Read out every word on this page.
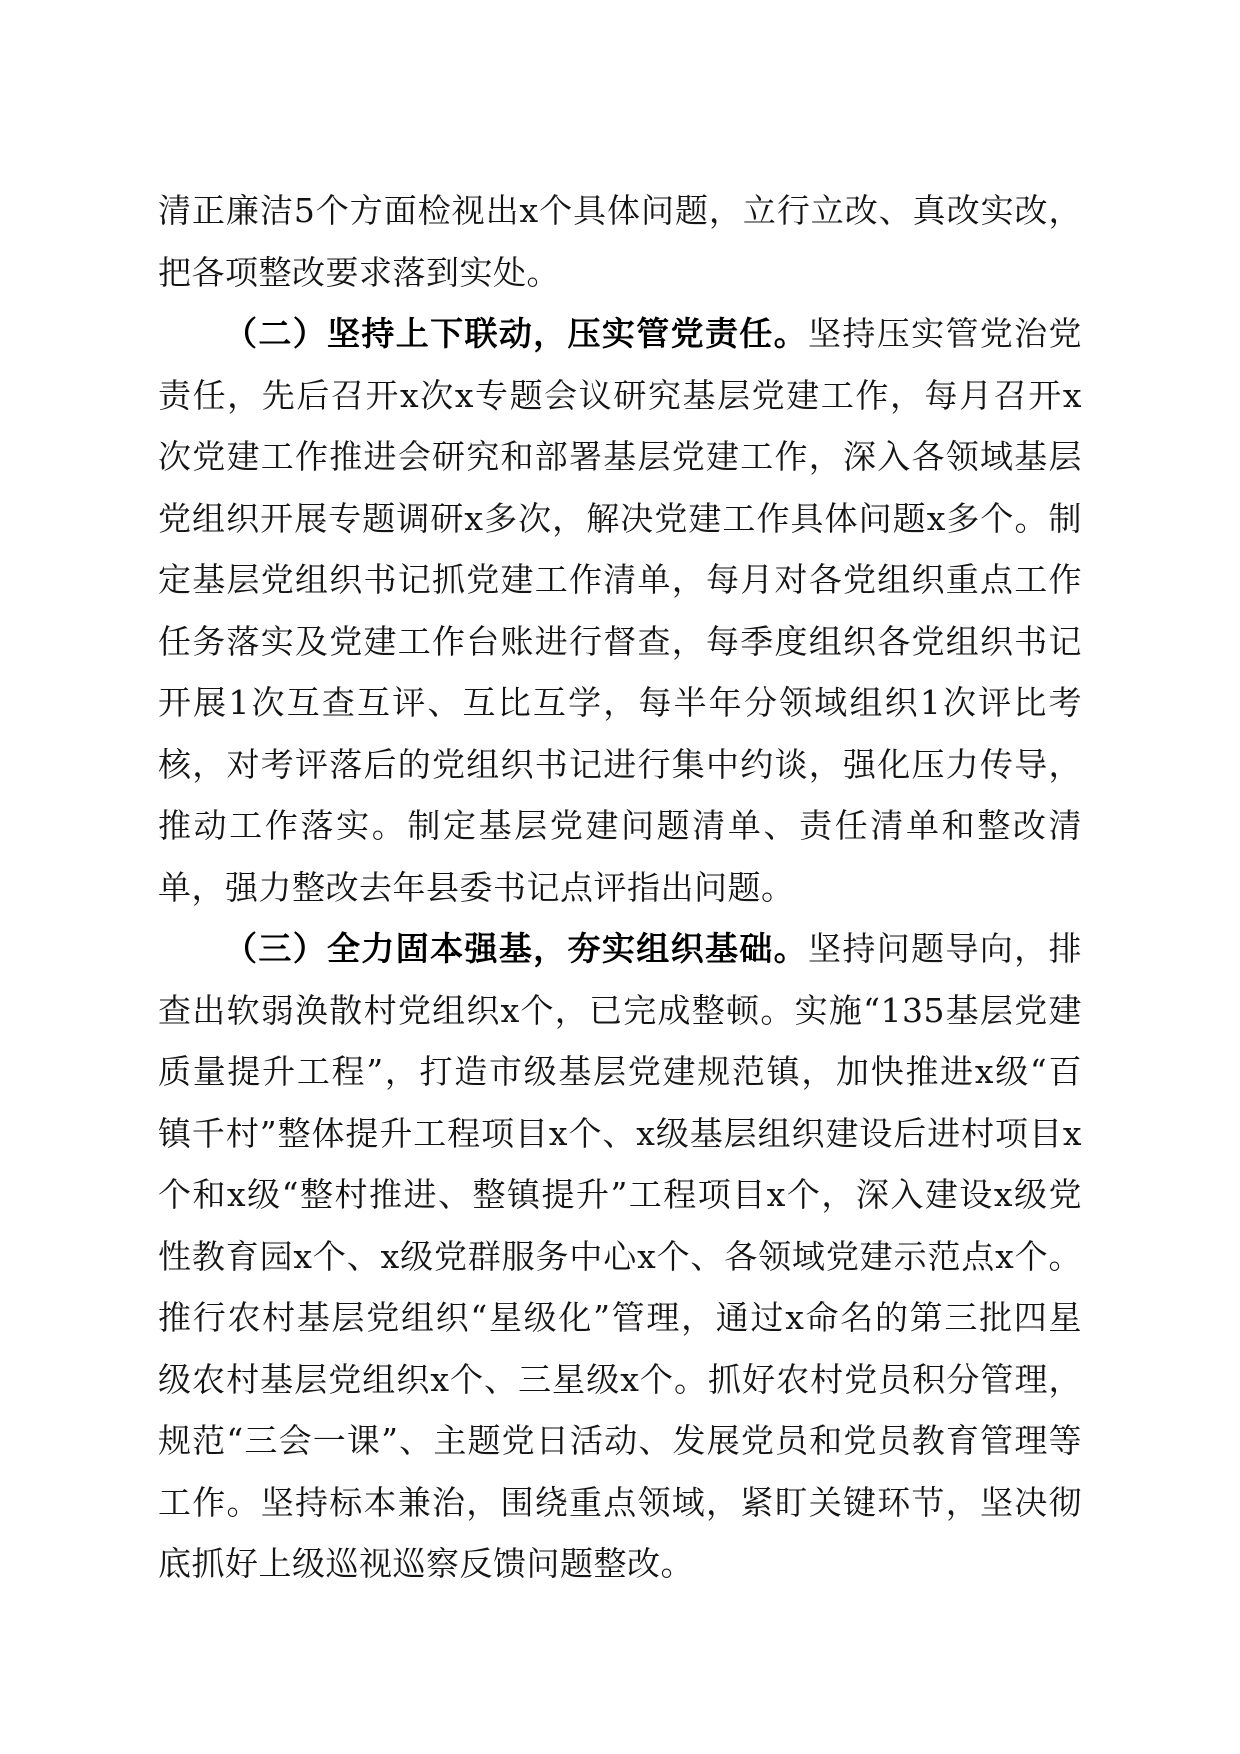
清正廉洁5个方面检视出x个具体问题，立行立改、真改实改，把各项整改要求落到实处。

（二）坚持上下联动，压实管党责任。坚持压实管党治党责任，先后召开x次x专题会议研究基层党建工作，每月召开x次党建工作推进会研究和部署基层党建工作，深入各领域基层党组织开展专题调研x多次，解决党建工作具体问题x多个。制定基层党组织书记抓党建工作清单，每月对各党组织重点工作任务落实及党建工作台账进行督查，每季度组织各党组织书记开展1次互查互评、互比互学，每半年分领域组织1次评比考核，对考评落后的党组织书记进行集中约谈，强化压力传导，推动工作落实。制定基层党建问题清单、责任清单和整改清单，强力整改去年县委书记点评指出问题。

（三）全力固本强基，夯实组织基础。坚持问题导向，排查出软弱涣散村党组织x个，已完成整顿。实施“135基层党建质量提升工程”，打造市级基层党建规范镇，加快推进x级“百镇千村”整体提升工程项目x个、x级基层组织建设后进村项目x个和x级“整村推进、整镇提升”工程项目x个，深入建设x级党性教育园x个、x级党群服务中心x个、各领域党建示范点x个。推行农村基层党组织“星级化”管理，通过x命名的第三批四星级农村基层党组织x个、三星级x个。抓好农村党员积分管理，规范“三会一课”、主题党日活动、发展党员和党员教育管理等工作。坚持标本兼治，围绕重点领域，紧盯关键环节，坚决彻底抓好上级巡视巡察反馈问题整改。
